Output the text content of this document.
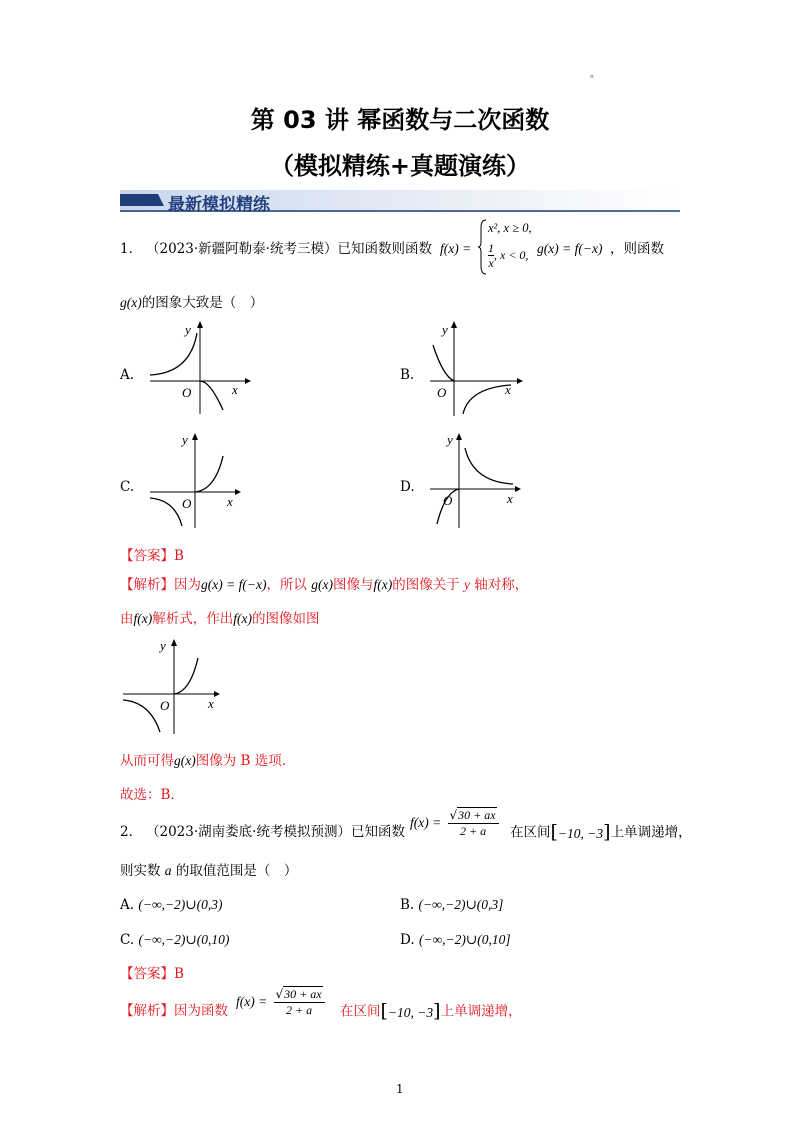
。
第 03 讲 幂函数与二次函数
（模拟精练+真题演练）
最新模拟精练
1． （2023·新疆阿勒泰·统考三模）已知函数则函数 f(x) =
x², x ≥ 0,
$\frac{1}{x}$ , x < 0, g(x) = f(−x) ，则函数
g(x)的图象大致是（　）
A.
y
x
O
B.
y
x
O
C.
y
x
O
D.
y
x
O
【答案】B
【解析】因为g(x) = f(−x)，所以 g(x)图像与f(x)的图像关于 y 轴对称，
由f(x)解析式，作出f(x)的图像如图
y
x
O
从而可得g(x)图像为 B 选项.
故选：B.
2． （2023·湖南娄底·统考模拟预测）已知函数
$f(x) = \frac{√30 + ax}{2 + a}$ 在区间[−10, −3]上单调递增，
则实数 a 的取值范围是（　）
A. (−∞,−2)∪(0,3)	B. (−∞,−2)∪(0,3]
C. (−∞,−2)∪(0,10)	D. (−∞,−2)∪(0,10]
【答案】B
【解析】因为函数
$f(x) = \frac{√30 + ax}{2 + a}$ 在区间[−10, −3]上单调递增，
1
